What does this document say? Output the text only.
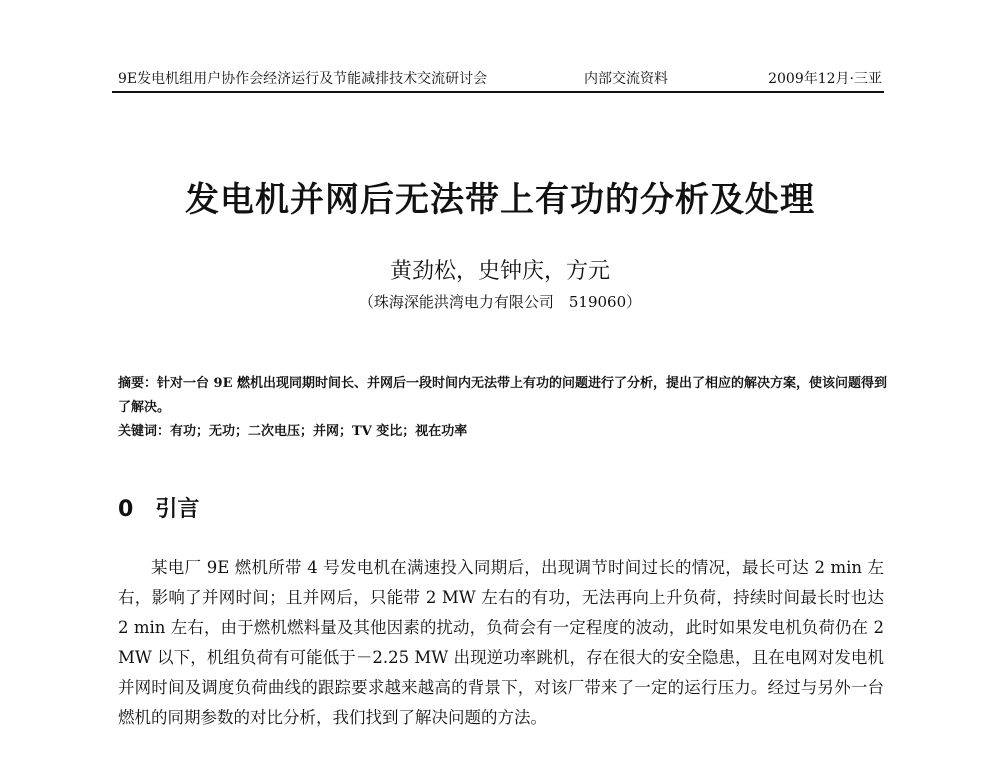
9E发电机组用户协作会经济运行及节能减排技术交流研讨会	内部交流资料	2009年12月·三亚
发电机并网后无法带上有功的分析及处理
黄劲松，史钟庆，方元
（珠海深能洪湾电力有限公司　519060）
摘要：针对一台 9E 燃机出现同期时间长、并网后一段时间内无法带上有功的问题进行了分析，提出了相应的解决方案，使该问题得到了解决。
关键词：有功；无功；二次电压；并网；TV 变比；视在功率
0 引言
某电厂 9E 燃机所带 4 号发电机在满速投入同期后，出现调节时间过长的情况，最长可达 2 min 左右，影响了并网时间；且并网后，只能带 2 MW 左右的有功，无法再向上升负荷，持续时间最长时也达 2 min 左右，由于燃机燃料量及其他因素的扰动，负荷会有一定程度的波动，此时如果发电机负荷仍在 2 MW 以下，机组负荷有可能低于－2.25 MW 出现逆功率跳机，存在很大的安全隐患，且在电网对发电机并网时间及调度负荷曲线的跟踪要求越来越高的背景下，对该厂带来了一定的运行压力。经过与另外一台燃机的同期参数的对比分析，我们找到了解决问题的方法。
